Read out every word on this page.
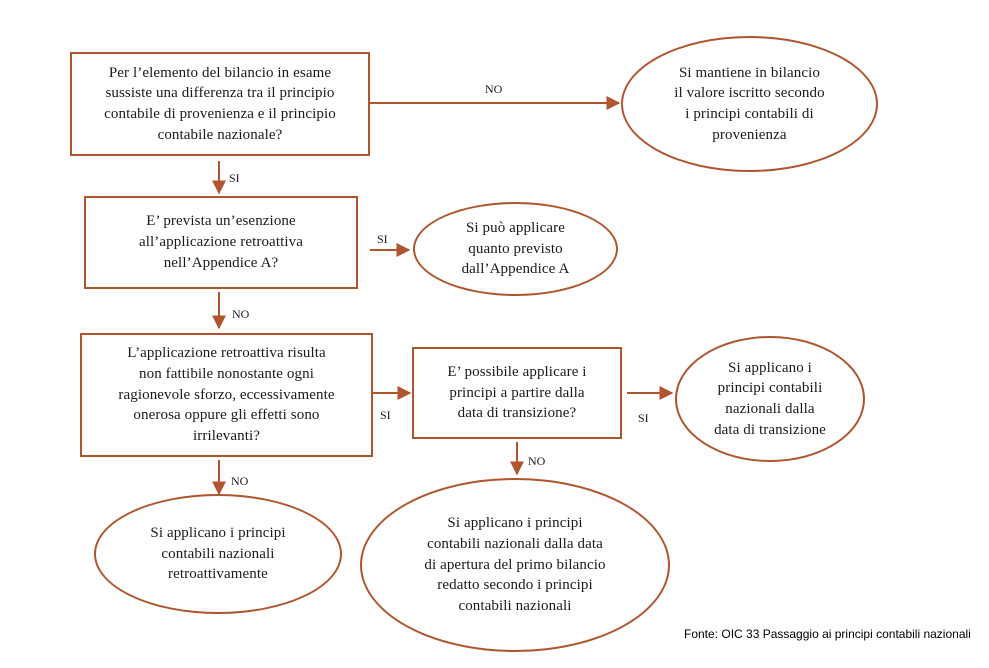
Per l’elemento del bilancio in esame
sussiste una differenza tra il principio
contabile di provenienza e il principio
contabile nazionale?
E’ prevista un’esenzione
all’applicazione retroattiva
nell’Appendice A?
L’applicazione retroattiva risulta
non fattibile nonostante ogni
ragionevole sforzo, eccessivamente
onerosa oppure gli effetti sono
irrilevanti?
E’ possibile applicare i
principi a partire dalla
data di transizione?
Si mantiene in bilancio
il valore iscritto secondo
i principi contabili di
provenienza
Si può applicare
quanto previsto
dall’Appendice A
Si applicano i
principi contabili
nazionali dalla
data di transizione
Si applicano i principi
contabili nazionali
retroattivamente
Si applicano i principi
contabili nazionali dalla data
di apertura del primo bilancio
redatto secondo i principi
contabili nazionali
NO
SI
SI
NO
SI	SI
NO
NO
Fonte: OIC 33 Passaggio ai principi contabili nazionali
